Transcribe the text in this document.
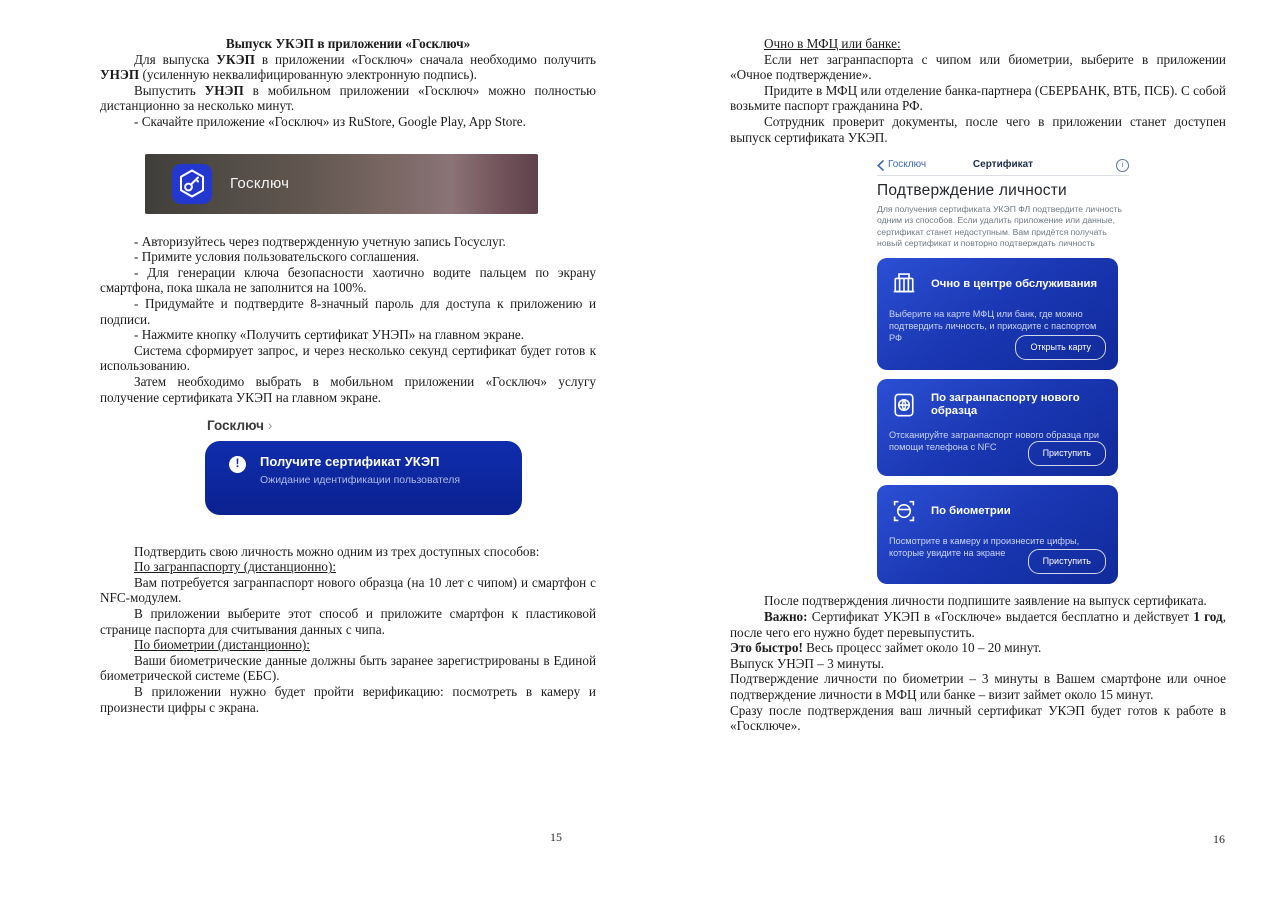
Выпуск УКЭП в приложении «Госключ»

Для выпуска УКЭП в приложении «Госключ» сначала необходимо получить УНЭП (усиленную неквалифицированную электронную подпись).

Выпустить УНЭП в мобильном приложении «Госключ» можно полностью дистанционно за несколько минут.

- Скачайте приложение «Госключ» из RuStore, Google Play, App Store.

Госключ

- Авторизуйтесь через подтвержденную учетную запись Госуслуг.

- Примите условия пользовательского соглашения.

- Для генерации ключа безопасности хаотично водите пальцем по экрану смартфона, пока шкала не заполнится на 100%.

- Придумайте и подтвердите 8-значный пароль для доступа к приложению и подписи.

- Нажмите кнопку «Получить сертификат УНЭП» на главном экране.

Система сформирует запрос, и через несколько секунд сертификат будет готов к использованию.

Затем необходимо выбрать в мобильном приложении «Госключ» услугу получение сертификата УКЭП на главном экране.

Госключ ›
!	Получите сертификат УКЭП
Ожидание идентификации пользователя

Подтвердить свою личность можно одним из трех доступных способов:

По загранпаспорту (дистанционно):

Вам потребуется загранпаспорт нового образца (на 10 лет с чипом) и смартфон с NFC-модулем.

В приложении выберите этот способ и приложите смартфон к пластиковой странице паспорта для считывания данных с чипа.

По биометрии (дистанционно):

Ваши биометрические данные должны быть заранее зарегистрированы в Единой биометрической системе (ЕБС).

В приложении нужно будет пройти верификацию: посмотреть в камеру и произнести цифры с экрана.

Очно в МФЦ или банке:

Если нет загранпаспорта с чипом или биометрии, выберите в приложении «Очное подтверждение».

Придите в МФЦ или отделение банка-партнера (СБЕРБАНК, ВТБ, ПСБ). С собой возьмите паспорт гражданина РФ.

Сотрудник проверит документы, после чего в приложении станет доступен выпуск сертификата УКЭП.

Госключ	Сертификат	i
Подтверждение личности
Для получения сертификата УКЭП ФЛ подтвердите личность одним из способов. Если удалить приложение или данные, сертификат станет недоступным. Вам придётся получать новый сертификат и повторно подтверждать личность
Очно в центре обслуживания
Выберите на карте МФЦ или банк, где можно подтвердить личность, и приходите с паспортом РФ
Открыть карту
По загранпаспорту нового образца
Отсканируйте загранпаспорт нового образца при помощи телефона с NFC
Приступить
По биометрии
Посмотрите в камеру и произнесите цифры, которые увидите на экране
Приступить

После подтверждения личности подпишите заявление на выпуск сертификата.

Важно: Сертификат УКЭП в «Госключе» выдается бесплатно и действует 1 год, после чего его нужно будет перевыпустить.

Это быстро! Весь процесс займет около 10 – 20 минут.

Выпуск УНЭП – 3 минуты.

Подтверждение личности по биометрии – 3 минуты в Вашем смартфоне или очное подтверждение личности в МФЦ или банке – визит займет около 15 минут.

Сразу после подтверждения ваш личный сертификат УКЭП будет готов к работе в «Госключе».

15	16
